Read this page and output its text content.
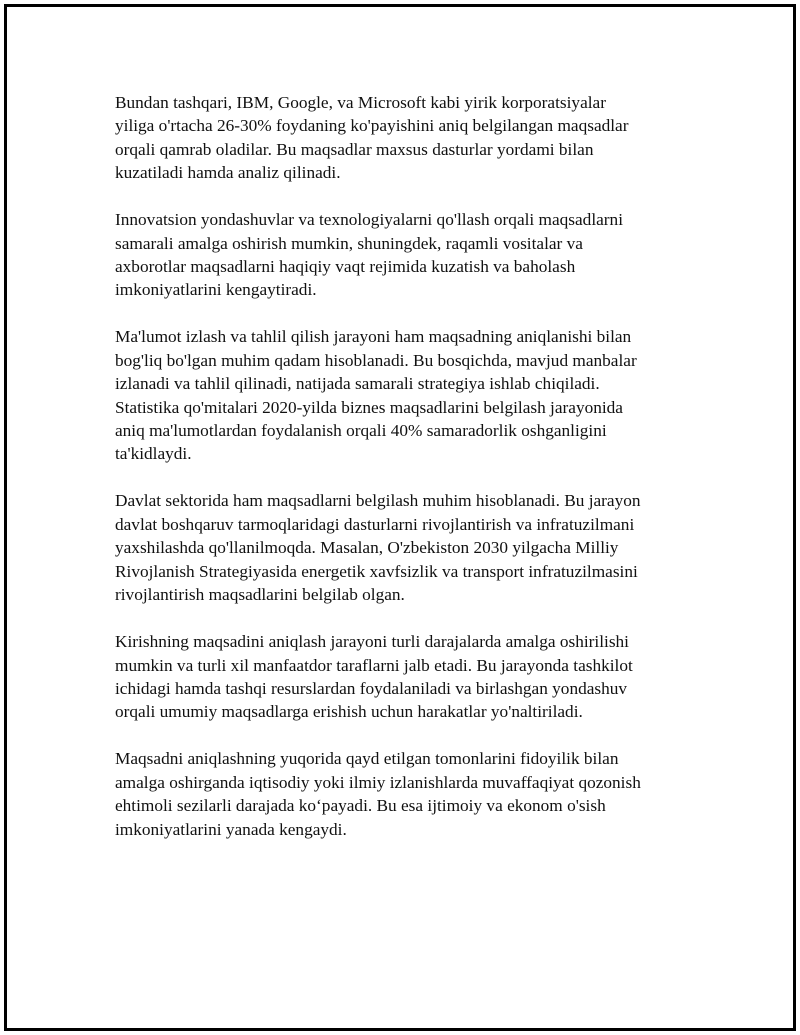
Bundan tashqari, IBM, Google, va Microsoft kabi yirik korporatsiyalar
yiliga o'rtacha 26-30% foydaning ko'payishini aniq belgilangan maqsadlar
orqali qamrab oladilar. Bu maqsadlar maxsus dasturlar yordami bilan
kuzatiladi hamda analiz qilinadi.
Innovatsion yondashuvlar va texnologiyalarni qo'llash orqali maqsadlarni
samarali amalga oshirish mumkin, shuningdek, raqamli vositalar va
axborotlar maqsadlarni haqiqiy vaqt rejimida kuzatish va baholash
imkoniyatlarini kengaytiradi.
Ma'lumot izlash va tahlil qilish jarayoni ham maqsadning aniqlanishi bilan
bog'liq bo'lgan muhim qadam hisoblanadi. Bu bosqichda, mavjud manbalar
izlanadi va tahlil qilinadi, natijada samarali strategiya ishlab chiqiladi.
Statistika qo'mitalari 2020-yilda biznes maqsadlarini belgilash jarayonida
aniq ma'lumotlardan foydalanish orqali 40% samaradorlik oshganligini
ta'kidlaydi.
Davlat sektorida ham maqsadlarni belgilash muhim hisoblanadi. Bu jarayon
davlat boshqaruv tarmoqlaridagi dasturlarni rivojlantirish va infratuzilmani
yaxshilashda qo'llanilmoqda. Masalan, O'zbekiston 2030 yilgacha Milliy
Rivojlanish Strategiyasida energetik xavfsizlik va transport infratuzilmasini
rivojlantirish maqsadlarini belgilab olgan.
Kirishning maqsadini aniqlash jarayoni turli darajalarda amalga oshirilishi
mumkin va turli xil manfaatdor taraflarni jalb etadi. Bu jarayonda tashkilot
ichidagi hamda tashqi resurslardan foydalaniladi va birlashgan yondashuv
orqali umumiy maqsadlarga erishish uchun harakatlar yo'naltiriladi.
Maqsadni aniqlashning yuqorida qayd etilgan tomonlarini fidoyilik bilan
amalga oshirganda iqtisodiy yoki ilmiy izlanishlarda muvaffaqiyat qozonish
ehtimoli sezilarli darajada ko‘payadi. Bu esa ijtimoiy va ekonom o'sish
imkoniyatlarini yanada kengaydi.
